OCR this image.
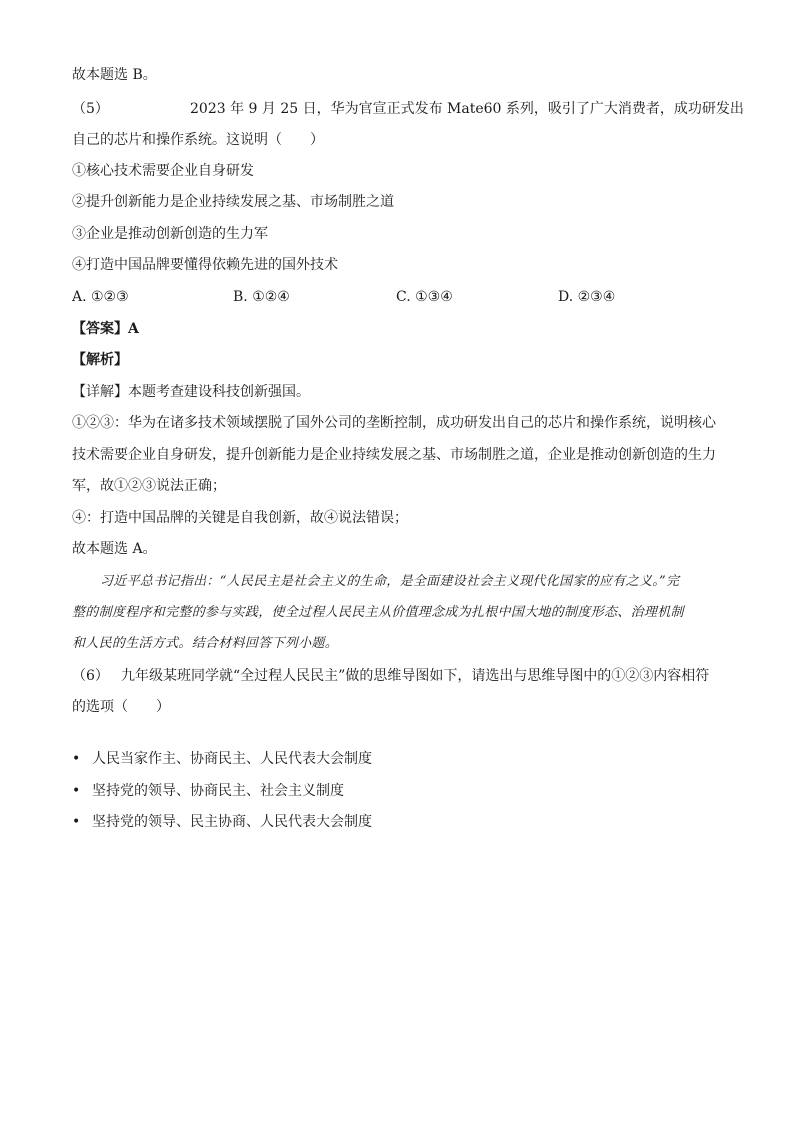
故本题选 B。
（5）	2023 年 9 月 25 日，华为官宣正式发布 Mate60 系列，吸引了广大消费者，成功研发出
自己的芯片和操作系统。这说明（　　）
①核心技术需要企业自身研发
②提升创新能力是企业持续发展之基、市场制胜之道
③企业是推动创新创造的生力军
④打造中国品牌要懂得依赖先进的国外技术
A. ①②③	B. ①②④	C. ①③④	D. ②③④
【答案】A
【解析】
【详解】本题考查建设科技创新强国。
①②③：华为在诸多技术领域摆脱了国外公司的垄断控制，成功研发出自己的芯片和操作系统，说明核心
技术需要企业自身研发，提升创新能力是企业持续发展之基、市场制胜之道，企业是推动创新创造的生力
军，故①②③说法正确；
④：打造中国品牌的关键是自我创新，故④说法错误；
故本题选 A。
习近平总书记指出：“人民民主是社会主义的生命，是全面建设社会主义现代化国家的应有之义。”完
整的制度程序和完整的参与实践，使全过程人民民主从价值理念成为扎根中国大地的制度形态、治理机制
和人民的生活方式。结合材料回答下列小题。
（6） 九年级某班同学就“全过程人民民主”做的思维导图如下，请选出与思维导图中的①②③内容相符
的选项（　　）
• 人民当家作主、协商民主、人民代表大会制度
• 坚持党的领导、协商民主、社会主义制度
• 坚持党的领导、民主协商、人民代表大会制度
